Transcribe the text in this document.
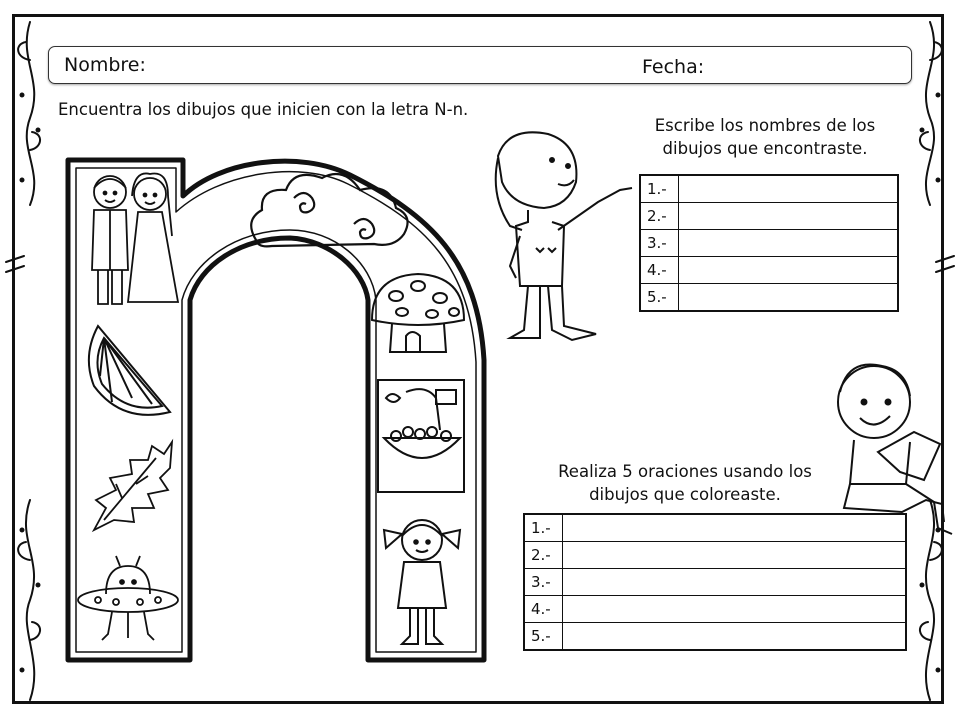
Nombre:	Fecha:
Encuentra los dibujos que inicien con la letra N-n.
Escribe los nombres de los
dibujos que encontraste.
1.-	
2.-	
3.-	
4.-	
5.-	
Realiza 5 oraciones usando los
dibujos que coloreaste.
1.-	
2.-	
3.-	
4.-	
5.-	
